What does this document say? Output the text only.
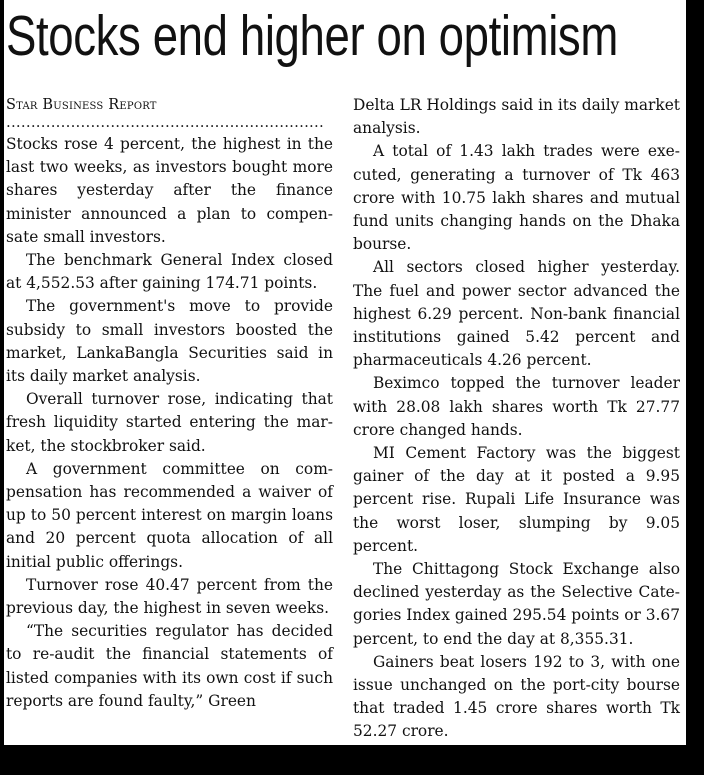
Stocks end higher on optimism

Star Business Report

................................................................

Stocks rose 4 percent, the highest in the last two weeks, as investors bought more shares yesterday after the finance minister announced a plan to compensate small investors.

The benchmark General Index closed at 4,552.53 after gaining 174.71 points.

The government's move to provide subsidy to small investors boosted the market, LankaBangla Securities said in its daily market analysis.

Overall turnover rose, indicating that fresh liquidity started entering the market, the stockbroker said.

A government committee on compensation has recommended a waiver of up to 50 percent interest on margin loans and 20 percent quota allocation of all initial public offerings.

Turnover rose 40.47 percent from the previous day, the highest in seven weeks.

“The securities regulator has decided to re-audit the financial statements of listed companies with its own cost if such reports are found faulty,” Green

Delta LR Holdings said in its daily market analysis.

A total of 1.43 lakh trades were executed, generating a turnover of Tk 463 crore with 10.75 lakh shares and mutual fund units changing hands on the Dhaka bourse.

All sectors closed higher yesterday. The fuel and power sector advanced the highest 6.29 percent. Non-bank financial institutions gained 5.42 percent and pharmaceuticals 4.26 percent.

Beximco topped the turnover leader with 28.08 lakh shares worth Tk 27.77 crore changed hands.

MI Cement Factory was the biggest gainer of the day at it posted a 9.95 percent rise. Rupali Life Insurance was the worst loser, slumping by 9.05 percent.

The Chittagong Stock Exchange also declined yesterday as the Selective Categories Index gained 295.54 points or 3.67 percent, to end the day at 8,355.31.

Gainers beat losers 192 to 3, with one issue unchanged on the port-city bourse that traded 1.45 crore shares worth Tk 52.27 crore.
